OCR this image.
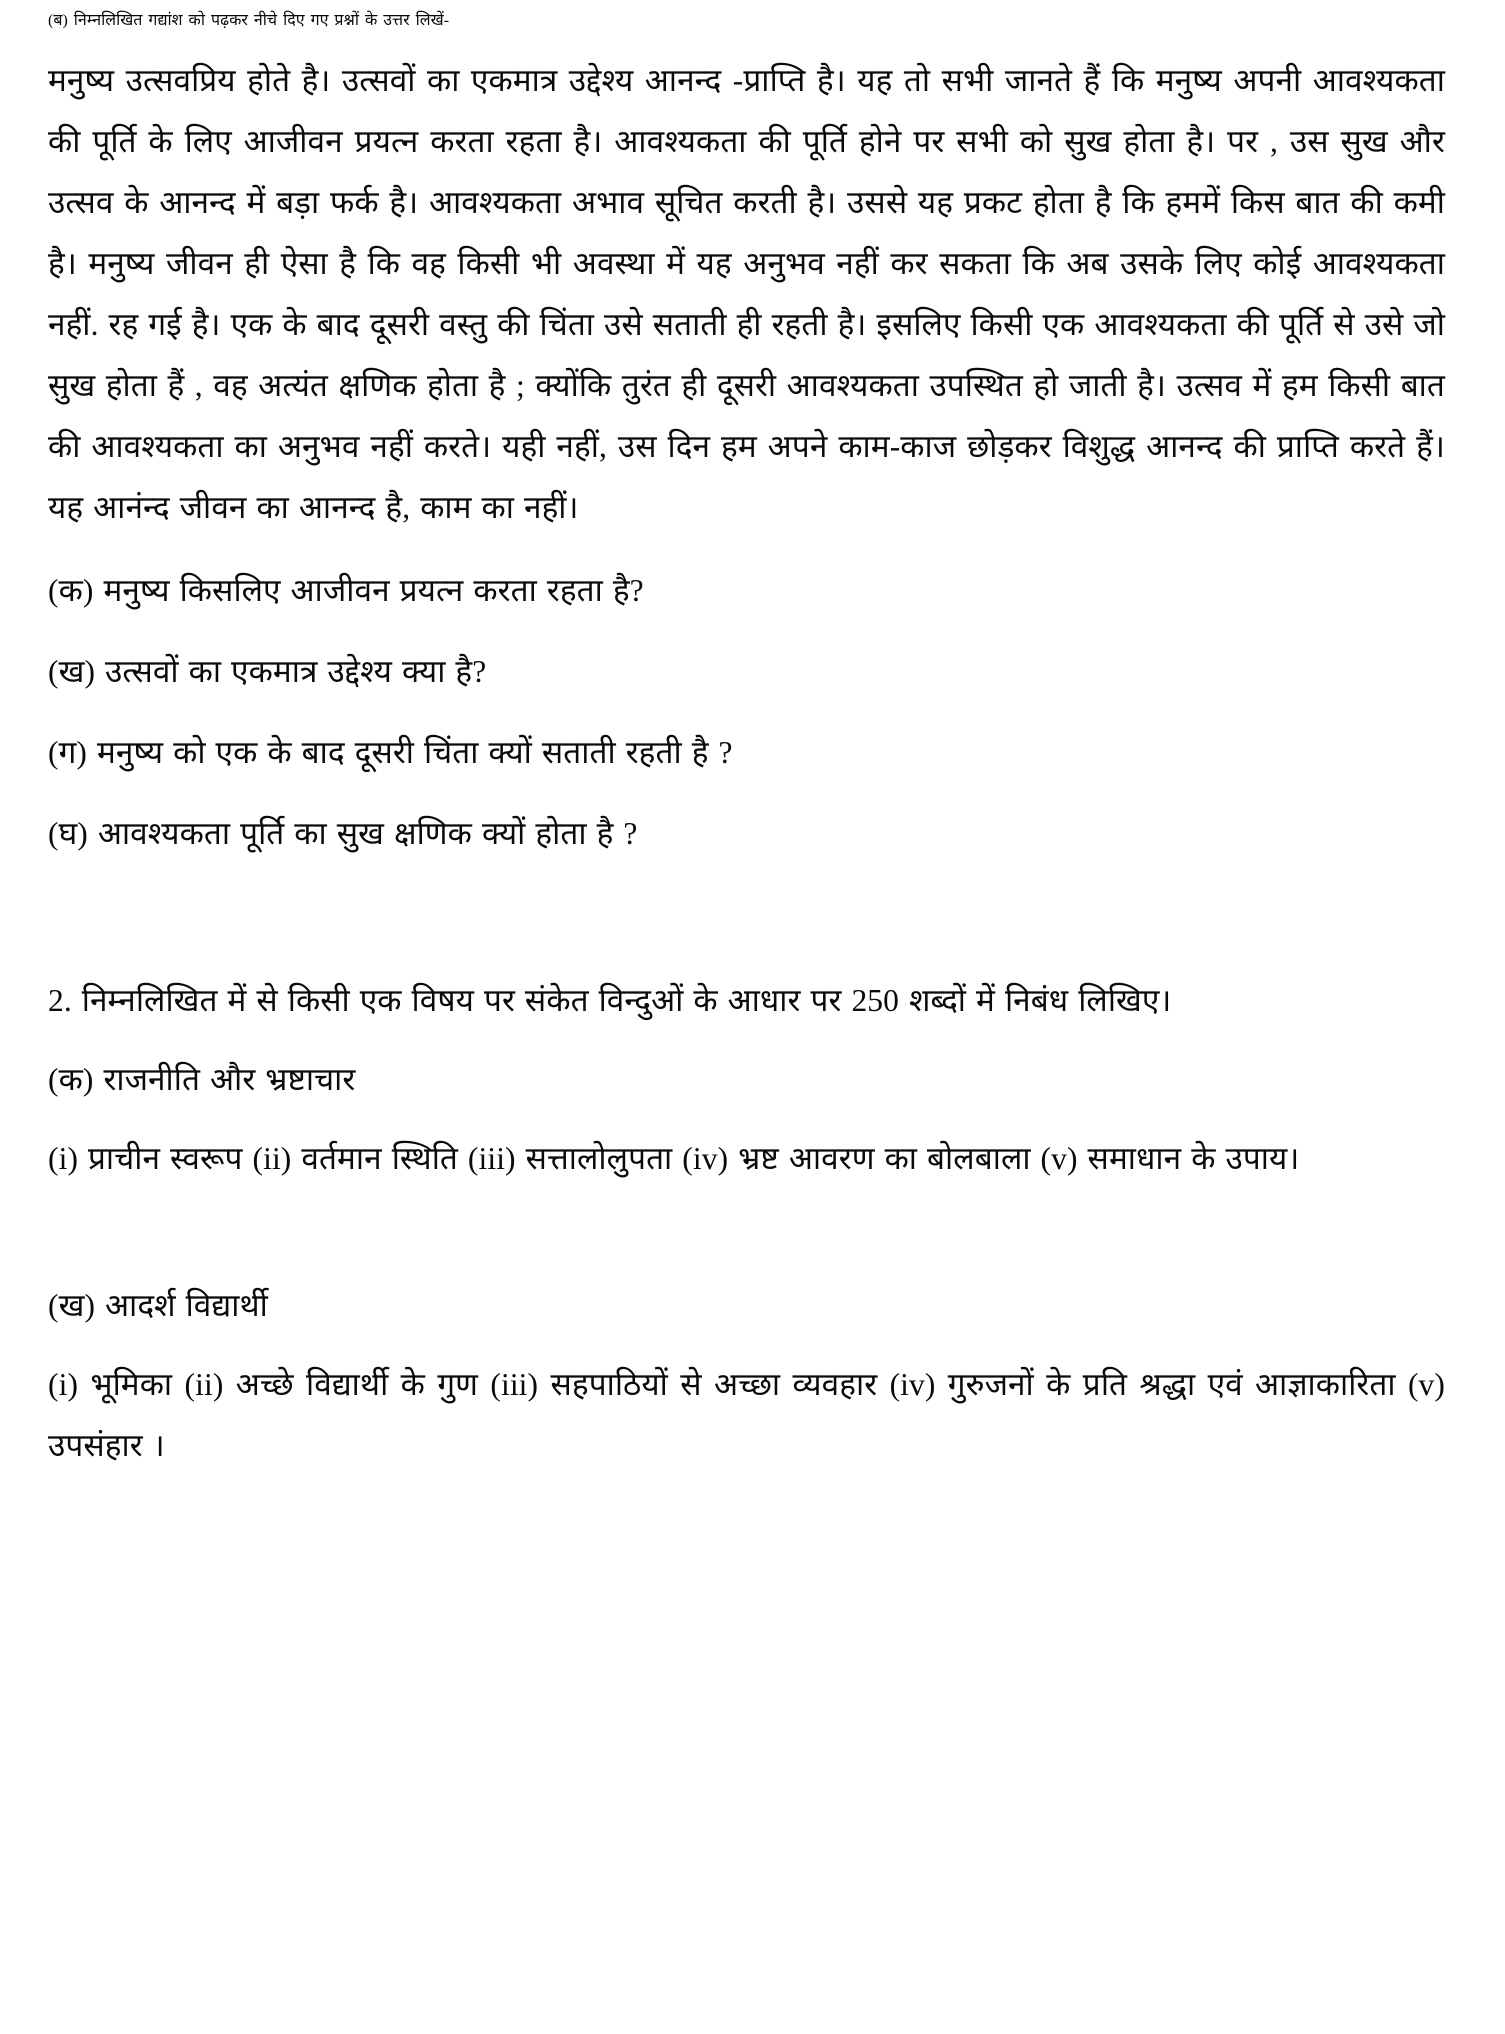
(ब) निम्नलिखित गद्यांश को पढ़कर नीचे दिए गए प्रश्नों के उत्तर लिखें-

मनुष्य उत्सवप्रिय होते है। उत्सवों का एकमात्र उद्देश्य आनन्द -प्राप्ति है। यह तो सभी जानते हैं कि मनुष्य अपनी आवश्यकता की पूर्ति के लिए आजीवन प्रयत्न करता रहता है। आवश्यकता की पूर्ति होने पर सभी को सुख होता है। पर , उस सुख और उत्सव के आनन्द में बड़ा फर्क है। आवश्यकता अभाव सूचित करती है। उससे यह प्रकट होता है कि हममें किस बात की कमी है। मनुष्य जीवन ही ऐसा है कि वह किसी भी अवस्था में यह अनुभव नहीं कर सकता कि अब उसके लिए कोई आवश्यकता नहीं. रह गई है। एक के बाद दूसरी वस्तु की चिंता उसे सताती ही रहती है। इसलिए किसी एक आवश्यकता की पूर्ति से उसे जो सुख होता हैं , वह अत्यंत क्षणिक होता है ; क्योंकि तुरंत ही दूसरी आवश्यकता उपस्थित हो जाती है। उत्सव में हम किसी बात की आवश्यकता का अनुभव नहीं करते। यही नहीं, उस दिन हम अपने काम-काज छोड़कर विशुद्ध आनन्द की प्राप्ति करते हैं। यह आनंन्द जीवन का आनन्द है, काम का नहीं।

(क) मनुष्य किसलिए आजीवन प्रयत्न करता रहता है?
(ख) उत्सवों का एकमात्र उद्देश्य क्या है?
(ग) मनुष्य को एक के बाद दूसरी चिंता क्यों सताती रहती है ?
(घ) आवश्यकता पूर्ति का सुख क्षणिक क्यों होता है ?

2. निम्नलिखित में से किसी एक विषय पर संकेत विन्दुओं के आधार पर 250 शब्दों में निबंध लिखिए।

(क) राजनीति और भ्रष्टाचार

(i) प्राचीन स्वरूप (ii) वर्तमान स्थिति (iii) सत्तालोलुपता (iv) भ्रष्ट आवरण का बोलबाला (v) समाधान के उपाय।

(ख) आदर्श विद्यार्थी

(i) भूमिका (ii) अच्छे विद्यार्थी के गुण (iii) सहपाठियों से अच्छा व्यवहार (iv) गुरुजनों के प्रति श्रद्धा एवं आज्ञाकारिता (v) उपसंहार ।
